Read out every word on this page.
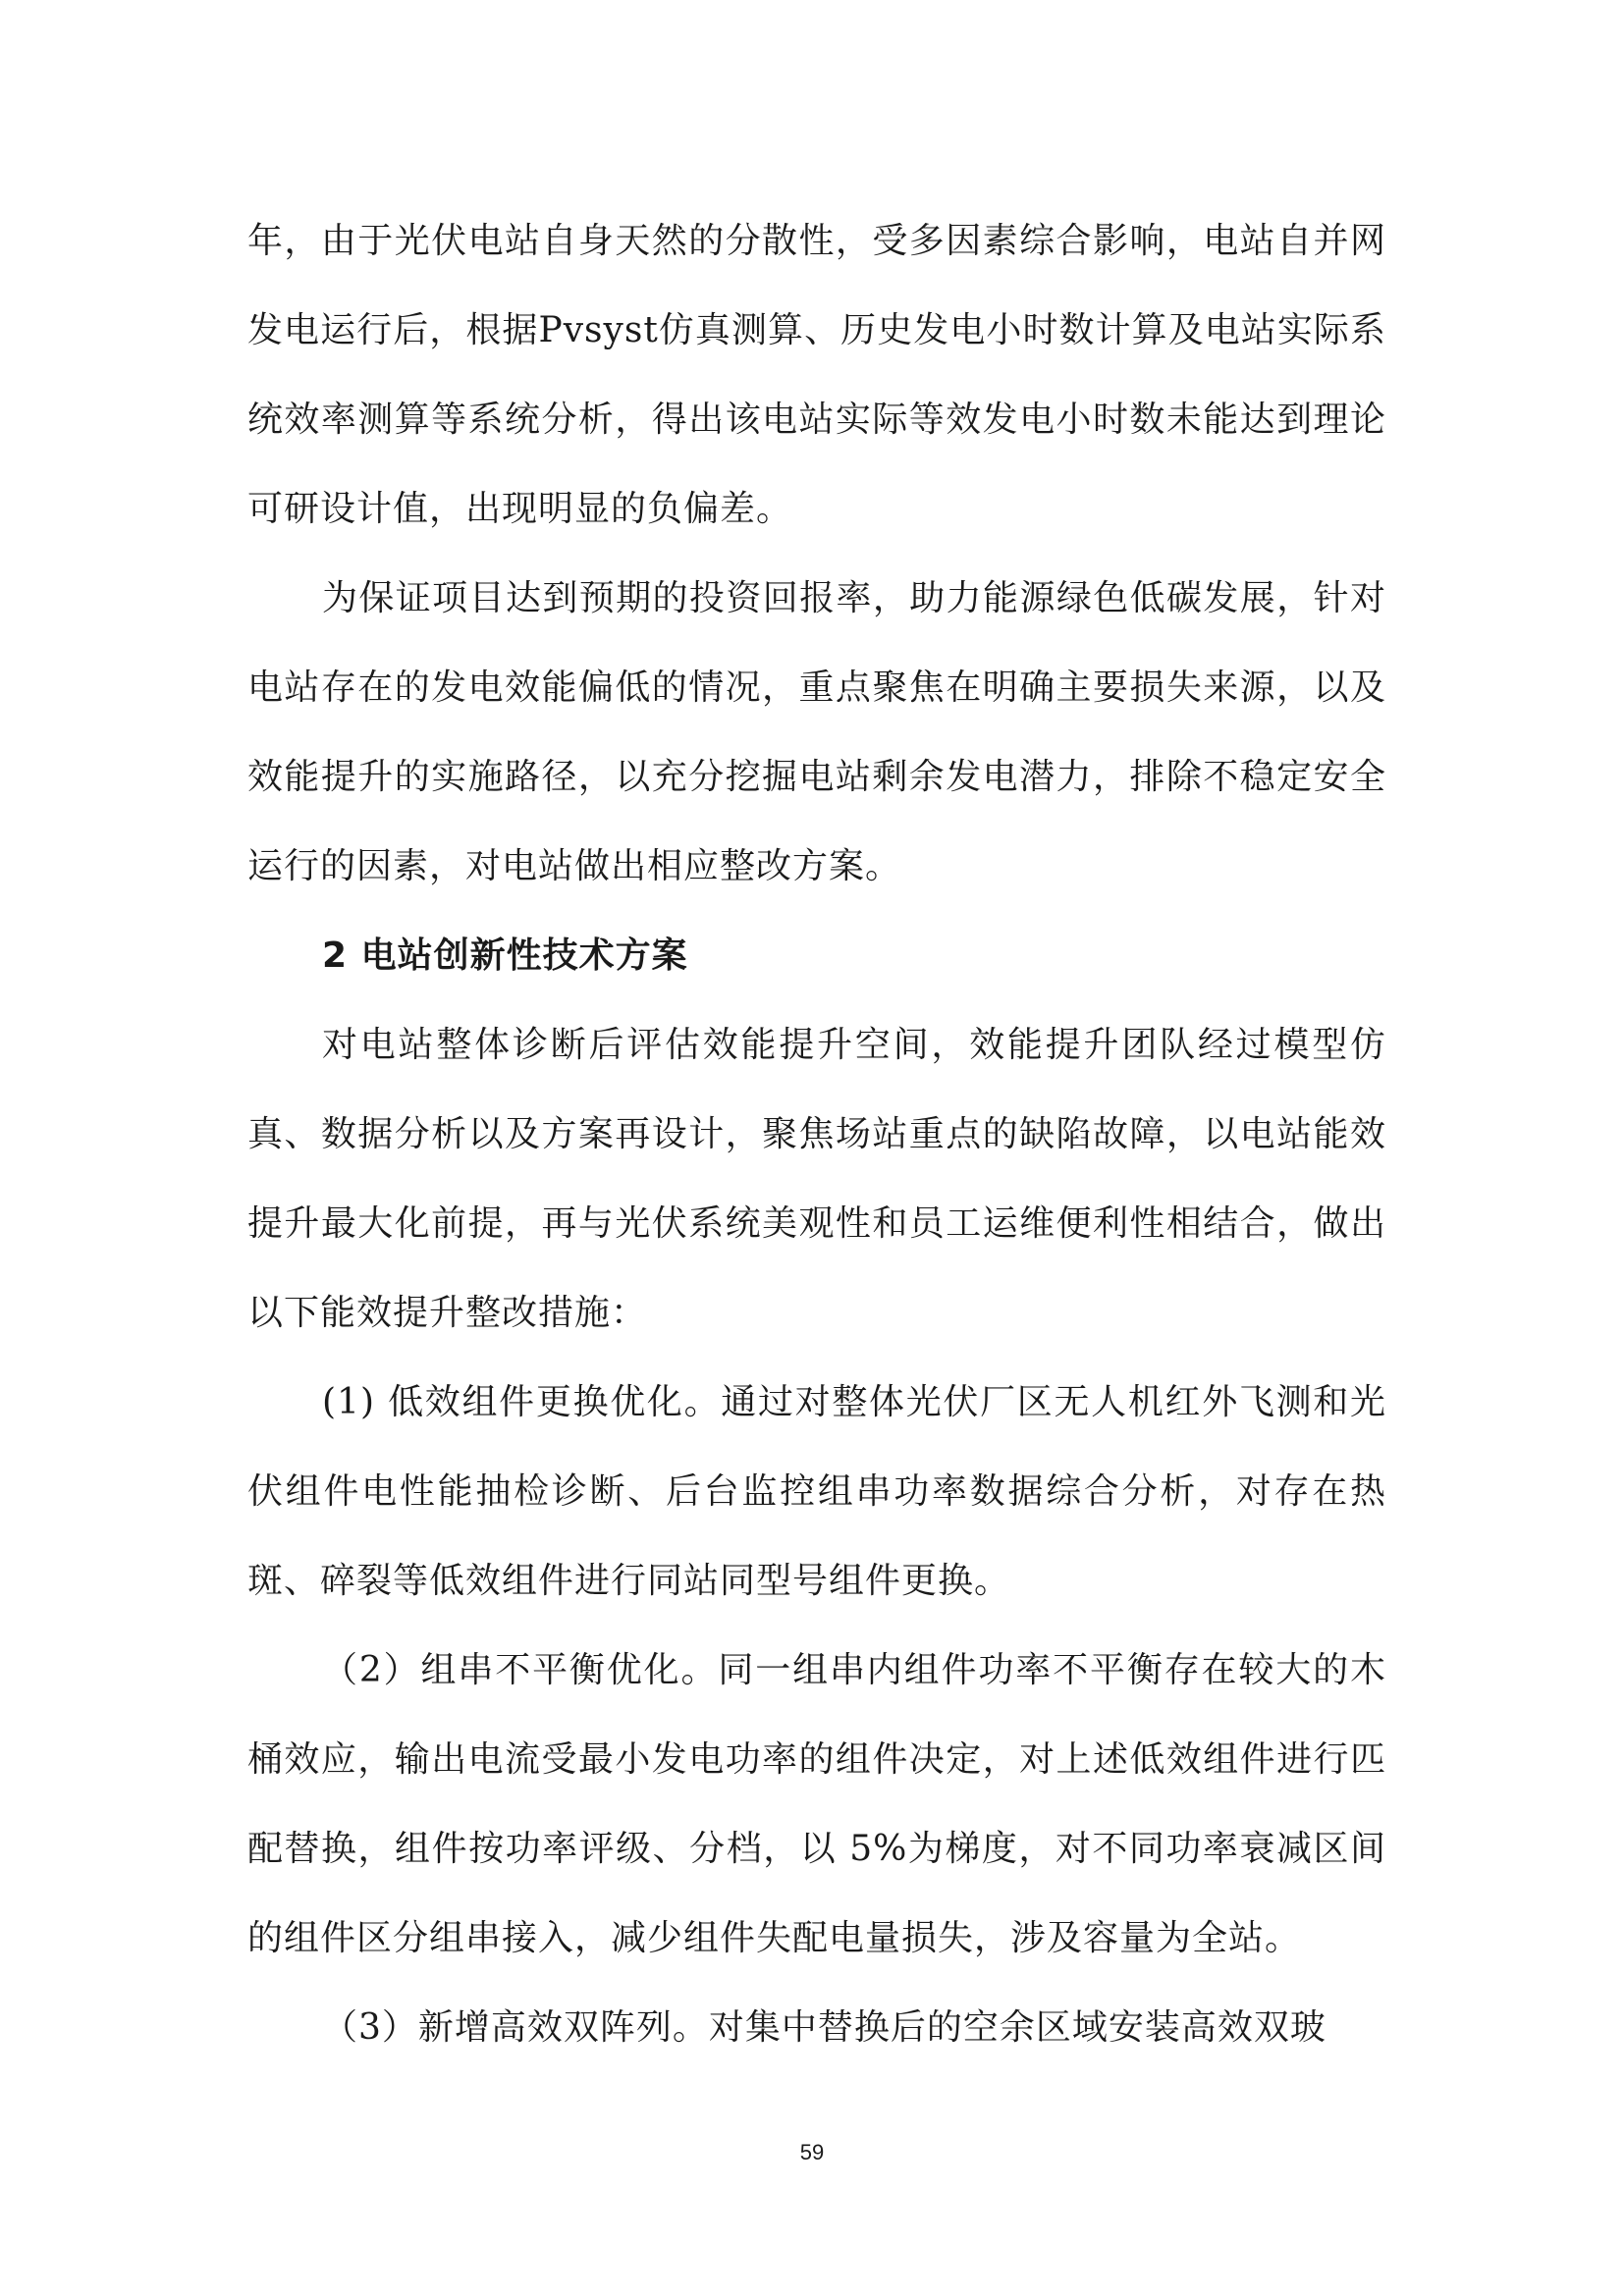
年，由于光伏电站自身天然的分散性，受多因素综合影响，电站自并网发电运行后，根据Pvsyst仿真测算、历史发电小时数计算及电站实际系统效率测算等系统分析，得出该电站实际等效发电小时数未能达到理论可研设计值，出现明显的负偏差。

为保证项目达到预期的投资回报率，助力能源绿色低碳发展，针对电站存在的发电效能偏低的情况，重点聚焦在明确主要损失来源，以及效能提升的实施路径，以充分挖掘电站剩余发电潜力，排除不稳定安全运行的因素，对电站做出相应整改方案。

2 电站创新性技术方案

对电站整体诊断后评估效能提升空间，效能提升团队经过模型仿真、数据分析以及方案再设计，聚焦场站重点的缺陷故障，以电站能效提升最大化前提，再与光伏系统美观性和员工运维便利性相结合，做出以下能效提升整改措施：

(1) 低效组件更换优化。通过对整体光伏厂区无人机红外飞测和光伏组件电性能抽检诊断、后台监控组串功率数据综合分析，对存在热斑、碎裂等低效组件进行同站同型号组件更换。

（2）组串不平衡优化。同一组串内组件功率不平衡存在较大的木桶效应，输出电流受最小发电功率的组件决定，对上述低效组件进行匹配替换，组件按功率评级、分档，以 5%为梯度，对不同功率衰减区间的组件区分组串接入，减少组件失配电量损失，涉及容量为全站。

（3）新增高效双阵列。对集中替换后的空余区域安装高效双玻

59
